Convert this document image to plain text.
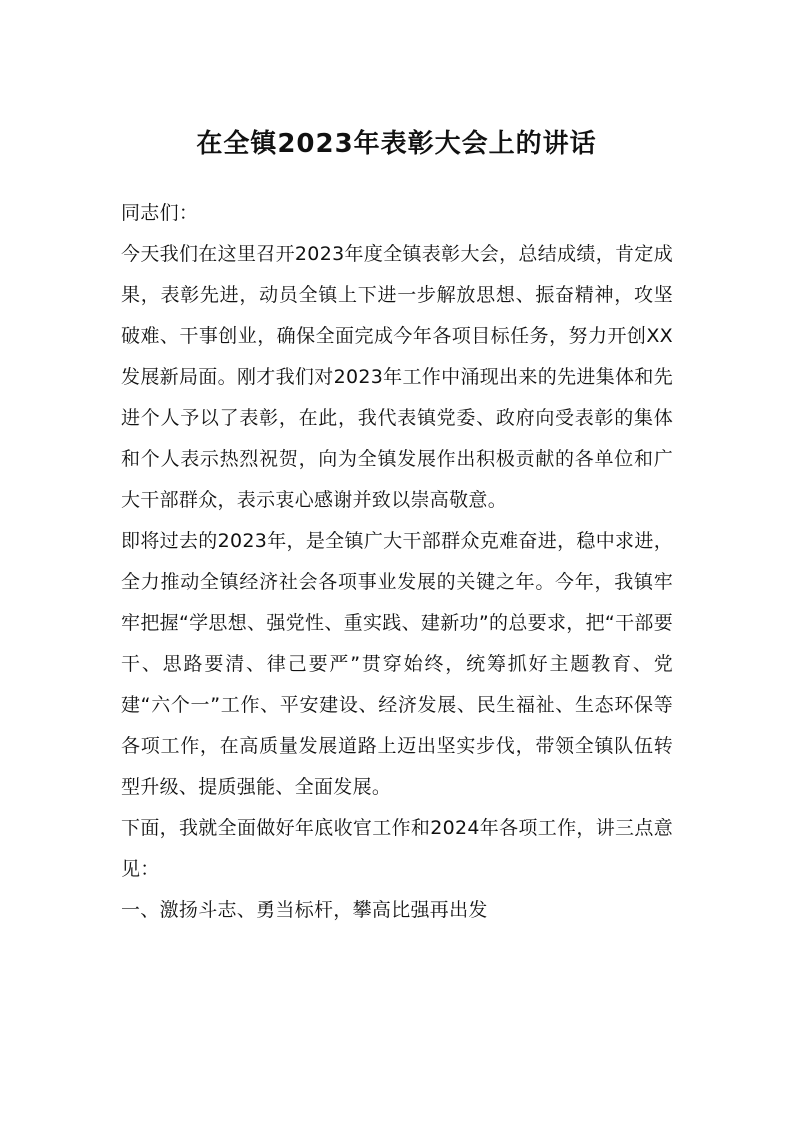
在全镇2023年表彰大会上的讲话

同志们：

今天我们在这里召开2023年度全镇表彰大会，总结成绩，肯定成果，表彰先进，动员全镇上下进一步解放思想、振奋精神，攻坚破难、干事创业，确保全面完成今年各项目标任务，努力开创XX发展新局面。刚才我们对2023年工作中涌现出来的先进集体和先进个人予以了表彰，在此，我代表镇党委、政府向受表彰的集体和个人表示热烈祝贺，向为全镇发展作出积极贡献的各单位和广大干部群众，表示衷心感谢并致以崇高敬意。

即将过去的2023年，是全镇广大干部群众克难奋进，稳中求进，全力推动全镇经济社会各项事业发展的关键之年。今年，我镇牢牢把握“学思想、强党性、重实践、建新功”的总要求，把“干部要干、思路要清、律己要严”贯穿始终，统筹抓好主题教育、党建“六个一”工作、平安建设、经济发展、民生福祉、生态环保等各项工作，在高质量发展道路上迈出坚实步伐，带领全镇队伍转型升级、提质强能、全面发展。

下面，我就全面做好年底收官工作和2024年各项工作，讲三点意见：

一、激扬斗志、勇当标杆，攀高比强再出发
